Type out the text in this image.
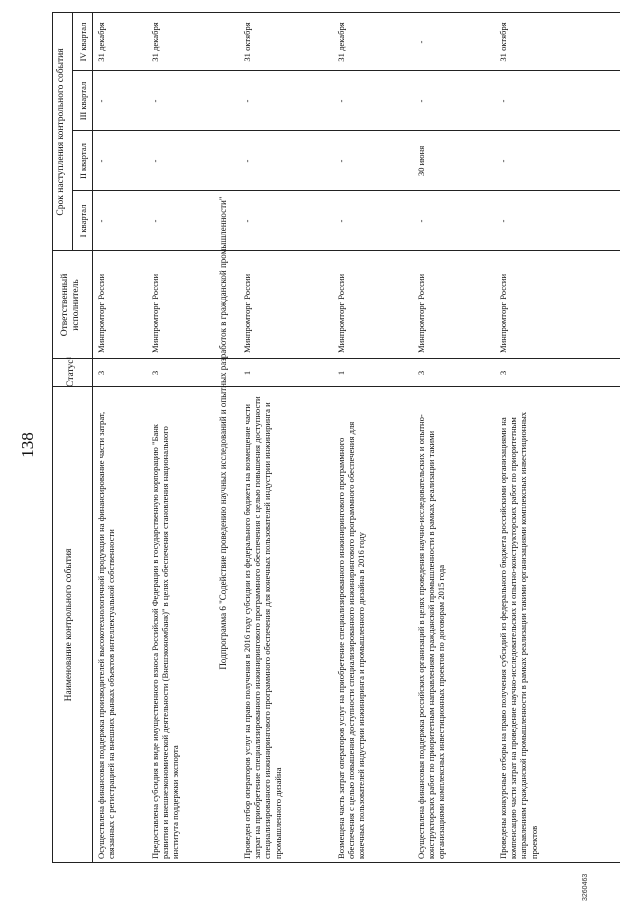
138
Наименование контрольного события
Статус¹
Ответственный исполнитель
Срок наступления контрольного события
I квартал
II квартал
III квартал
IV квартал
Осуществлена финансовая поддержка производителей высокотехнологичной продукции на финансирование части затрат, связанных с регистрацией на внешних рынках объектов интеллектуальной собственности
3
Минпромторг России
-
-
-
31 декабря
Предоставлена субсидия в виде имущественного взноса Российской Федерации в государственную корпорацию "Банк развития и внешнеэкономической деятельности (Внешэкономбанк)" в целях обеспечения становления национального института поддержки экспорта
3
Минпромторг России
-
-
-
31 декабря
Подпрограмма 6 "Содействие проведению научных исследований и опытных разработок в гражданской промышленности" Проведен отбор операторов услуг на право получения в 2016 году субсидии из федерального бюджета на возмещение части затрат на приобретение специализированного инжинирингового программного обеспечения с целью повышения доступности специализированного инжинирингового программного обеспечения для конечных пользователей индустрии инжиниринга и промышленного дизайна
1
Минпромторг России
-
-
-
31 октября
Возмещена часть затрат операторов услуг на приобретение специализированного инжинирингового программного обеспечения с целью повышения доступности специализированного инжинирингового программного обеспечения для конечных пользователей индустрии инжиниринга и промышленного дизайна в 2016 году
1
Минпромторг России
-
-
-
31 декабря
Осуществлена финансовая поддержка российских организаций в целях проведения научно-исследовательских и опытно-конструкторских работ по приоритетным направлениям гражданской промышленности в рамках реализации такими организациями комплексных инвестиционных проектов по договорам 2015 года
3
Минпромторг России
-
30 июня
-
-
Проведены конкурсные отборы на право получения субсидий из федерального бюджета российскими организациями на компенсацию части затрат на проведение научно-исследовательских и опытно-конструкторских работ по приоритетным направлениям гражданской промышленности в рамках реализации такими организациями комплексных инвестиционных проектов
3
Минпромторг России
-
-
-
31 октября
3260463
